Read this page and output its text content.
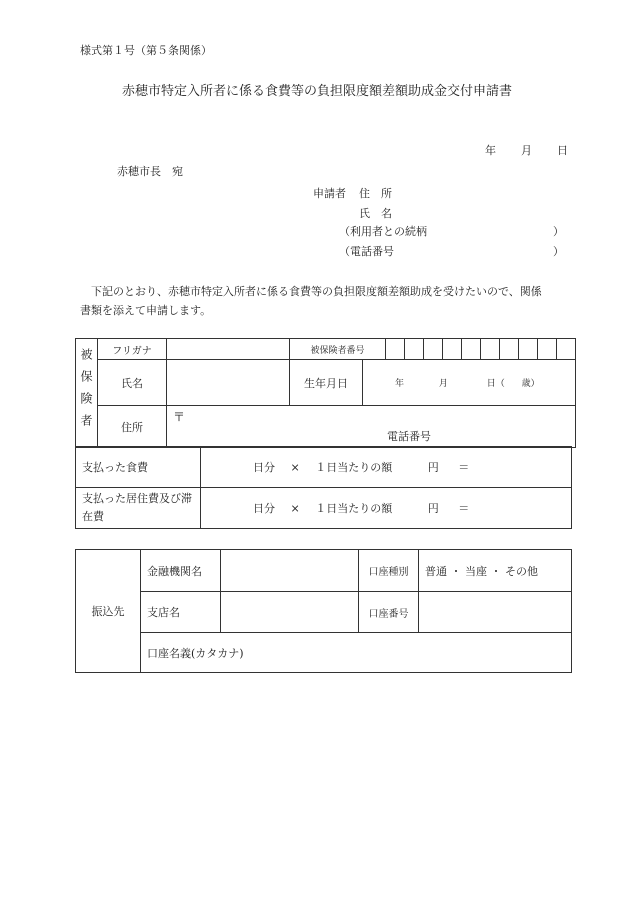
様式第１号（第５条関係）
赤穂市特定入所者に係る食費等の負担限度額差額助成金交付申請書
年 月 日
赤穂市長　宛
申請者 住　所
氏　名
（利用者との続柄	）
（電話番号	）
下記のとおり、赤穂市特定入所者に係る食費等の負担限度額差額助成を受けたいので、関係
書類を添えて申請します。
被保険者	フリガナ		被保険者番号											
	氏名		生年月日	年 月 日（ 歳）										
	住所	〒
電話番号												
支払った食費	日分 × １日当たりの額 円 ＝

支払った居住費及び滞在費	日分 × １日当たりの額 円 ＝
振込先	金融機関名		口座種別	普通 ・ 当座 ・ その他
	支店名		口座番号	
	口座名義(カタカナ)			
